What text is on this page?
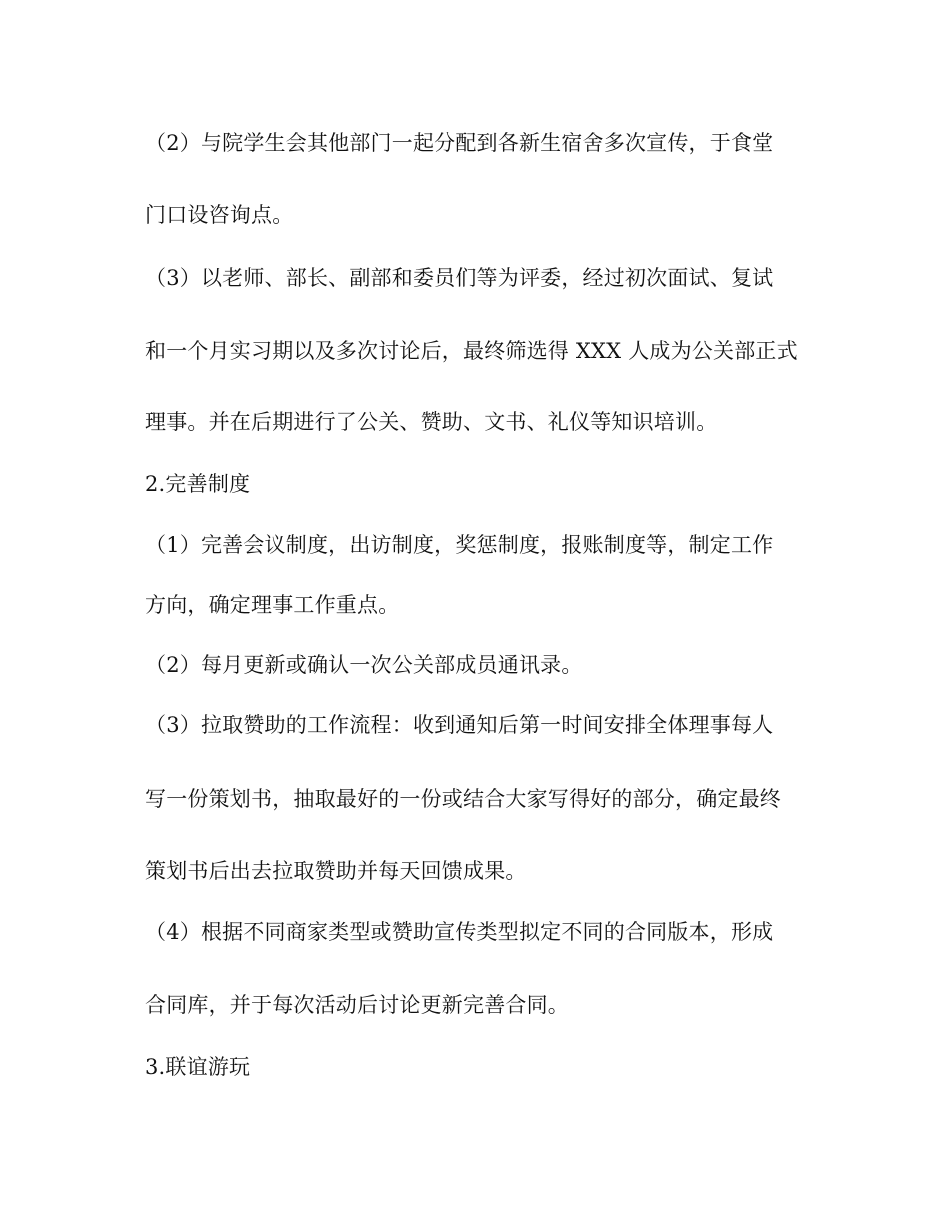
（2）与院学生会其他部门一起分配到各新生宿舍多次宣传，于食堂
门口设咨询点。
（3）以老师、部长、副部和委员们等为评委，经过初次面试、复试
和一个月实习期以及多次讨论后，最终筛选得 XXX 人成为公关部正式
理事。并在后期进行了公关、赞助、文书、礼仪等知识培训。
2.完善制度
（1）完善会议制度，出访制度，奖惩制度，报账制度等，制定工作
方向，确定理事工作重点。
（2）每月更新或确认一次公关部成员通讯录。
（3）拉取赞助的工作流程：收到通知后第一时间安排全体理事每人
写一份策划书，抽取最好的一份或结合大家写得好的部分，确定最终
策划书后出去拉取赞助并每天回馈成果。
（4）根据不同商家类型或赞助宣传类型拟定不同的合同版本，形成
合同库，并于每次活动后讨论更新完善合同。
3.联谊游玩
